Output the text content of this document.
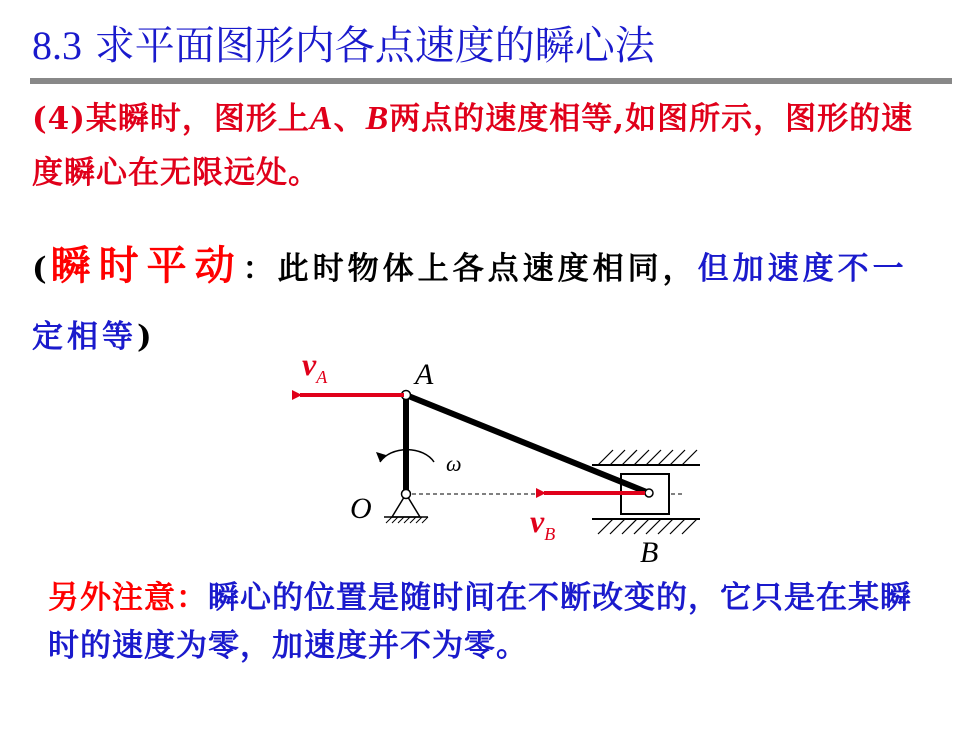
8.3 求平面图形内各点速度的瞬心法
(4)某瞬时，图形上A、B两点的速度相等,如图所示，图形的速度瞬心在无限远处。
(瞬时平动：此时物体上各点速度相同，但加速度不一定相等)
$v_A$	A
ω
O	$v_B$
B
另外注意：瞬心的位置是随时间在不断改变的，它只是在某瞬时的速度为零，加速度并不为零。
